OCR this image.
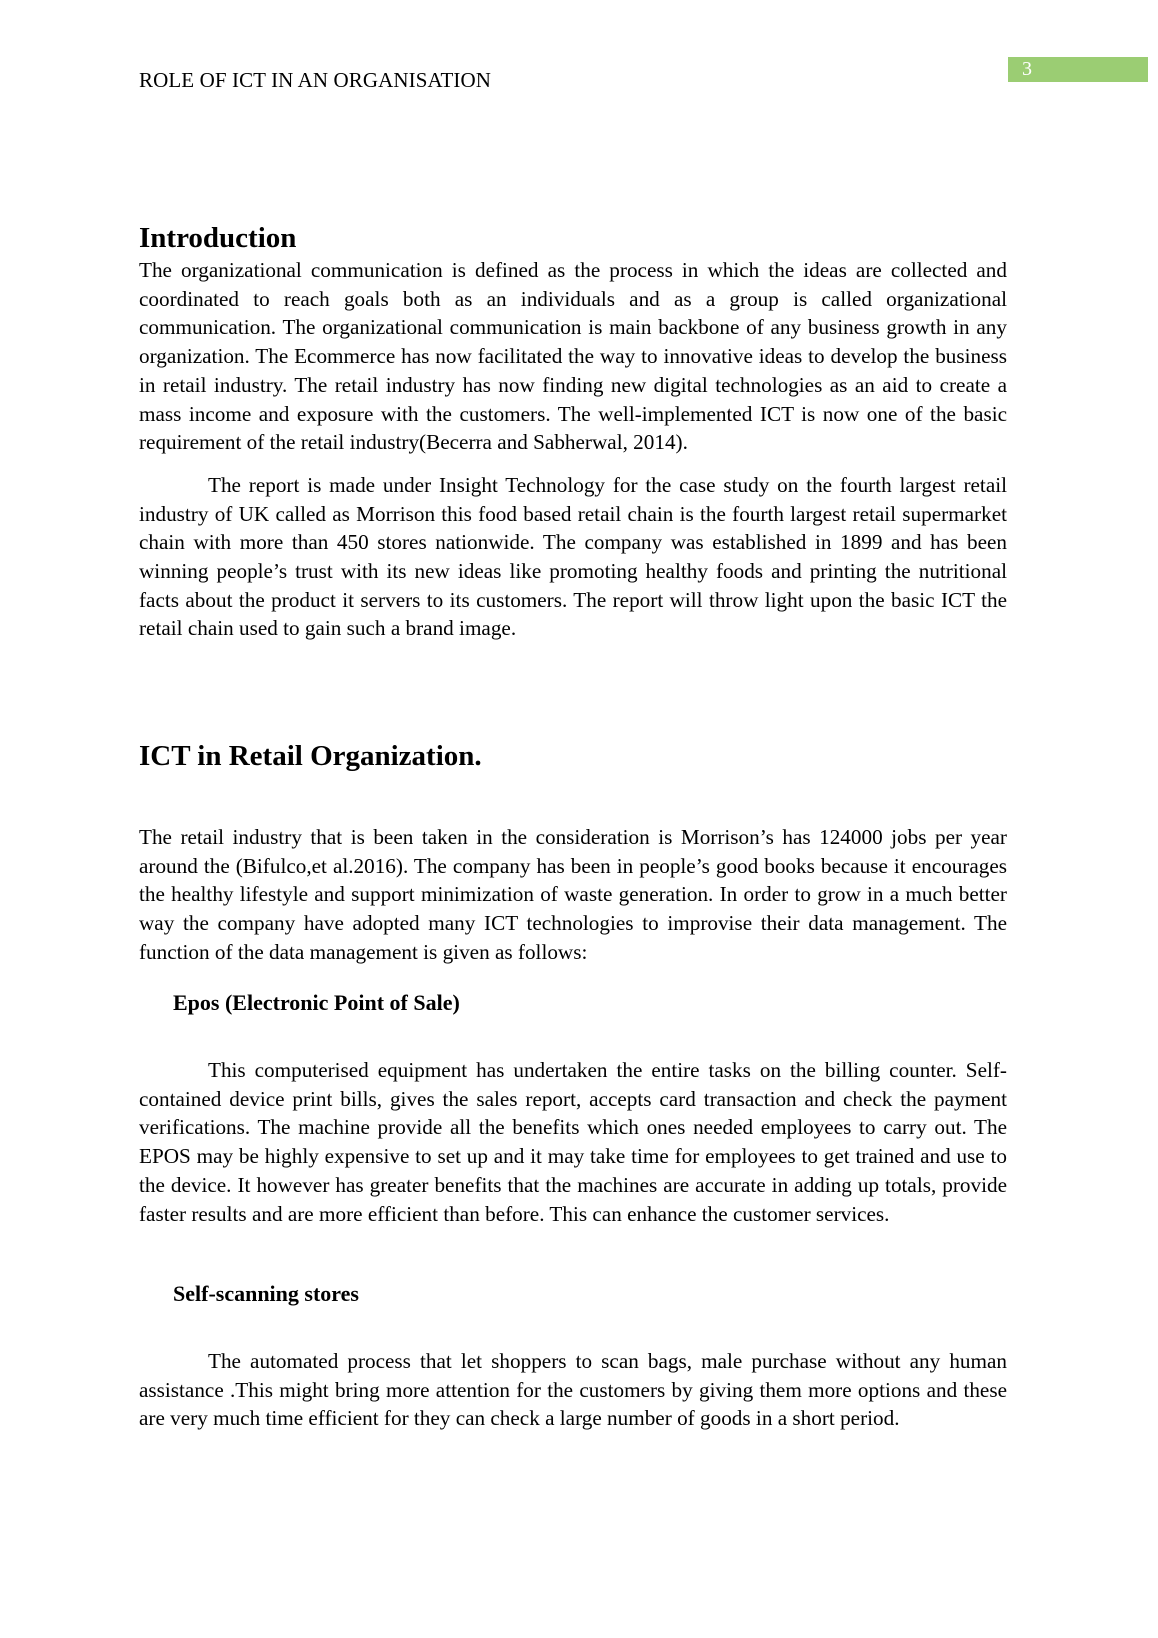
3
ROLE OF ICT IN AN ORGANISATION
Introduction

The organizational communication is defined as the process in which the ideas are collected and coordinated to reach goals both as an individuals and as a group is called organizational communication. The organizational communication is main backbone of any business growth in any organization. The Ecommerce has now facilitated the way to innovative ideas to develop the business in retail industry. The retail industry has now finding new digital technologies as an aid to create a mass income and exposure with the customers. The well-implemented ICT is now one of the basic requirement of the retail industry(Becerra and Sabherwal, 2014).

The report is made under Insight Technology for the case study on the fourth largest retail industry of UK called as Morrison this food based retail chain is the fourth largest retail supermarket chain with more than 450 stores nationwide. The company was established in 1899 and has been winning people’s trust with its new ideas like promoting healthy foods and printing the nutritional facts about the product it servers to its customers. The report will throw light upon the basic ICT the retail chain used to gain such a brand image.

ICT in Retail Organization.

The retail industry that is been taken in the consideration is Morrison’s has 124000 jobs per year around the (Bifulco,et al.2016). The company has been in people’s good books because it encourages the healthy lifestyle and support minimization of waste generation. In order to grow in a much better way the company have adopted many ICT technologies to improvise their data management. The function of the data management is given as follows:

Epos (Electronic Point of Sale)

This computerised equipment has undertaken the entire tasks on the billing counter. Self-contained device print bills, gives the sales report, accepts card transaction and check the payment verifications. The machine provide all the benefits which ones needed employees to carry out. The EPOS may be highly expensive to set up and it may take time for employees to get trained and use to the device. It however has greater benefits that the machines are accurate in adding up totals, provide faster results and are more efficient than before. This can enhance the customer services.

Self-scanning stores

The automated process that let shoppers to scan bags, male purchase without any human assistance .This might bring more attention for the customers by giving them more options and these are very much time efficient for they can check a large number of goods in a short period.
